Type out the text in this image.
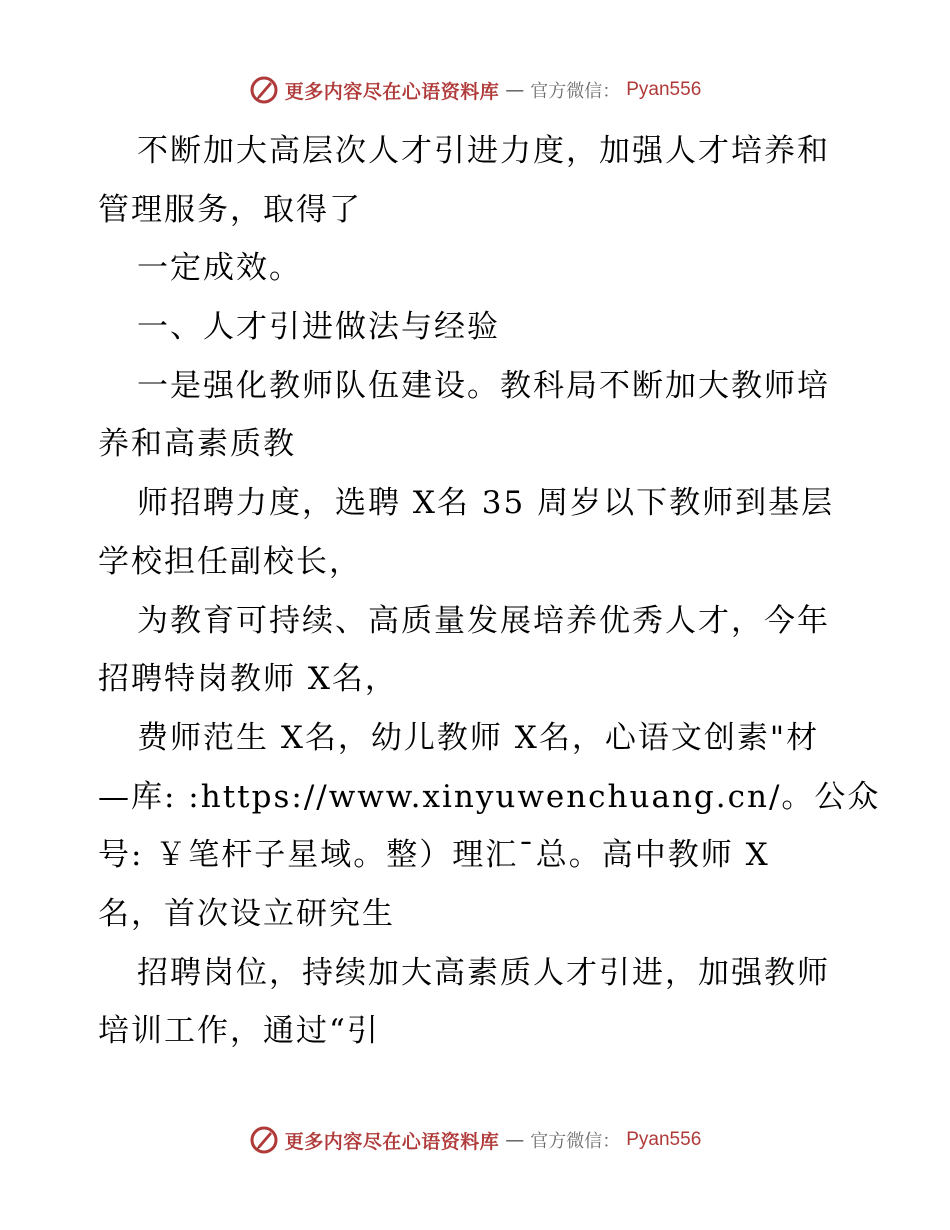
更多内容尽在心语资料库 — 官方微信： Pyan556
不断加大高层次人才引进力度，加强人才培养和
管理服务，取得了
一定成效。
一、人才引进做法与经验
一是强化教师队伍建设。教科局不断加大教师培
养和高素质教
师招聘力度，选聘 X名 35 周岁以下教师到基层
学校担任副校长，
为教育可持续、高质量发展培养优秀人才，今年
招聘特岗教师 X名，
费师范生 X名，幼儿教师 X名，心语文创素"材
—库: :https://www.xinyuwenchuang.cn/。公众
号: ￥笔杆子星域。整）理汇¯总。高中教师 X
名，首次设立研究生
招聘岗位，持续加大高素质人才引进，加强教师
培训工作，通过“引
更多内容尽在心语资料库 — 官方微信： Pyan556
